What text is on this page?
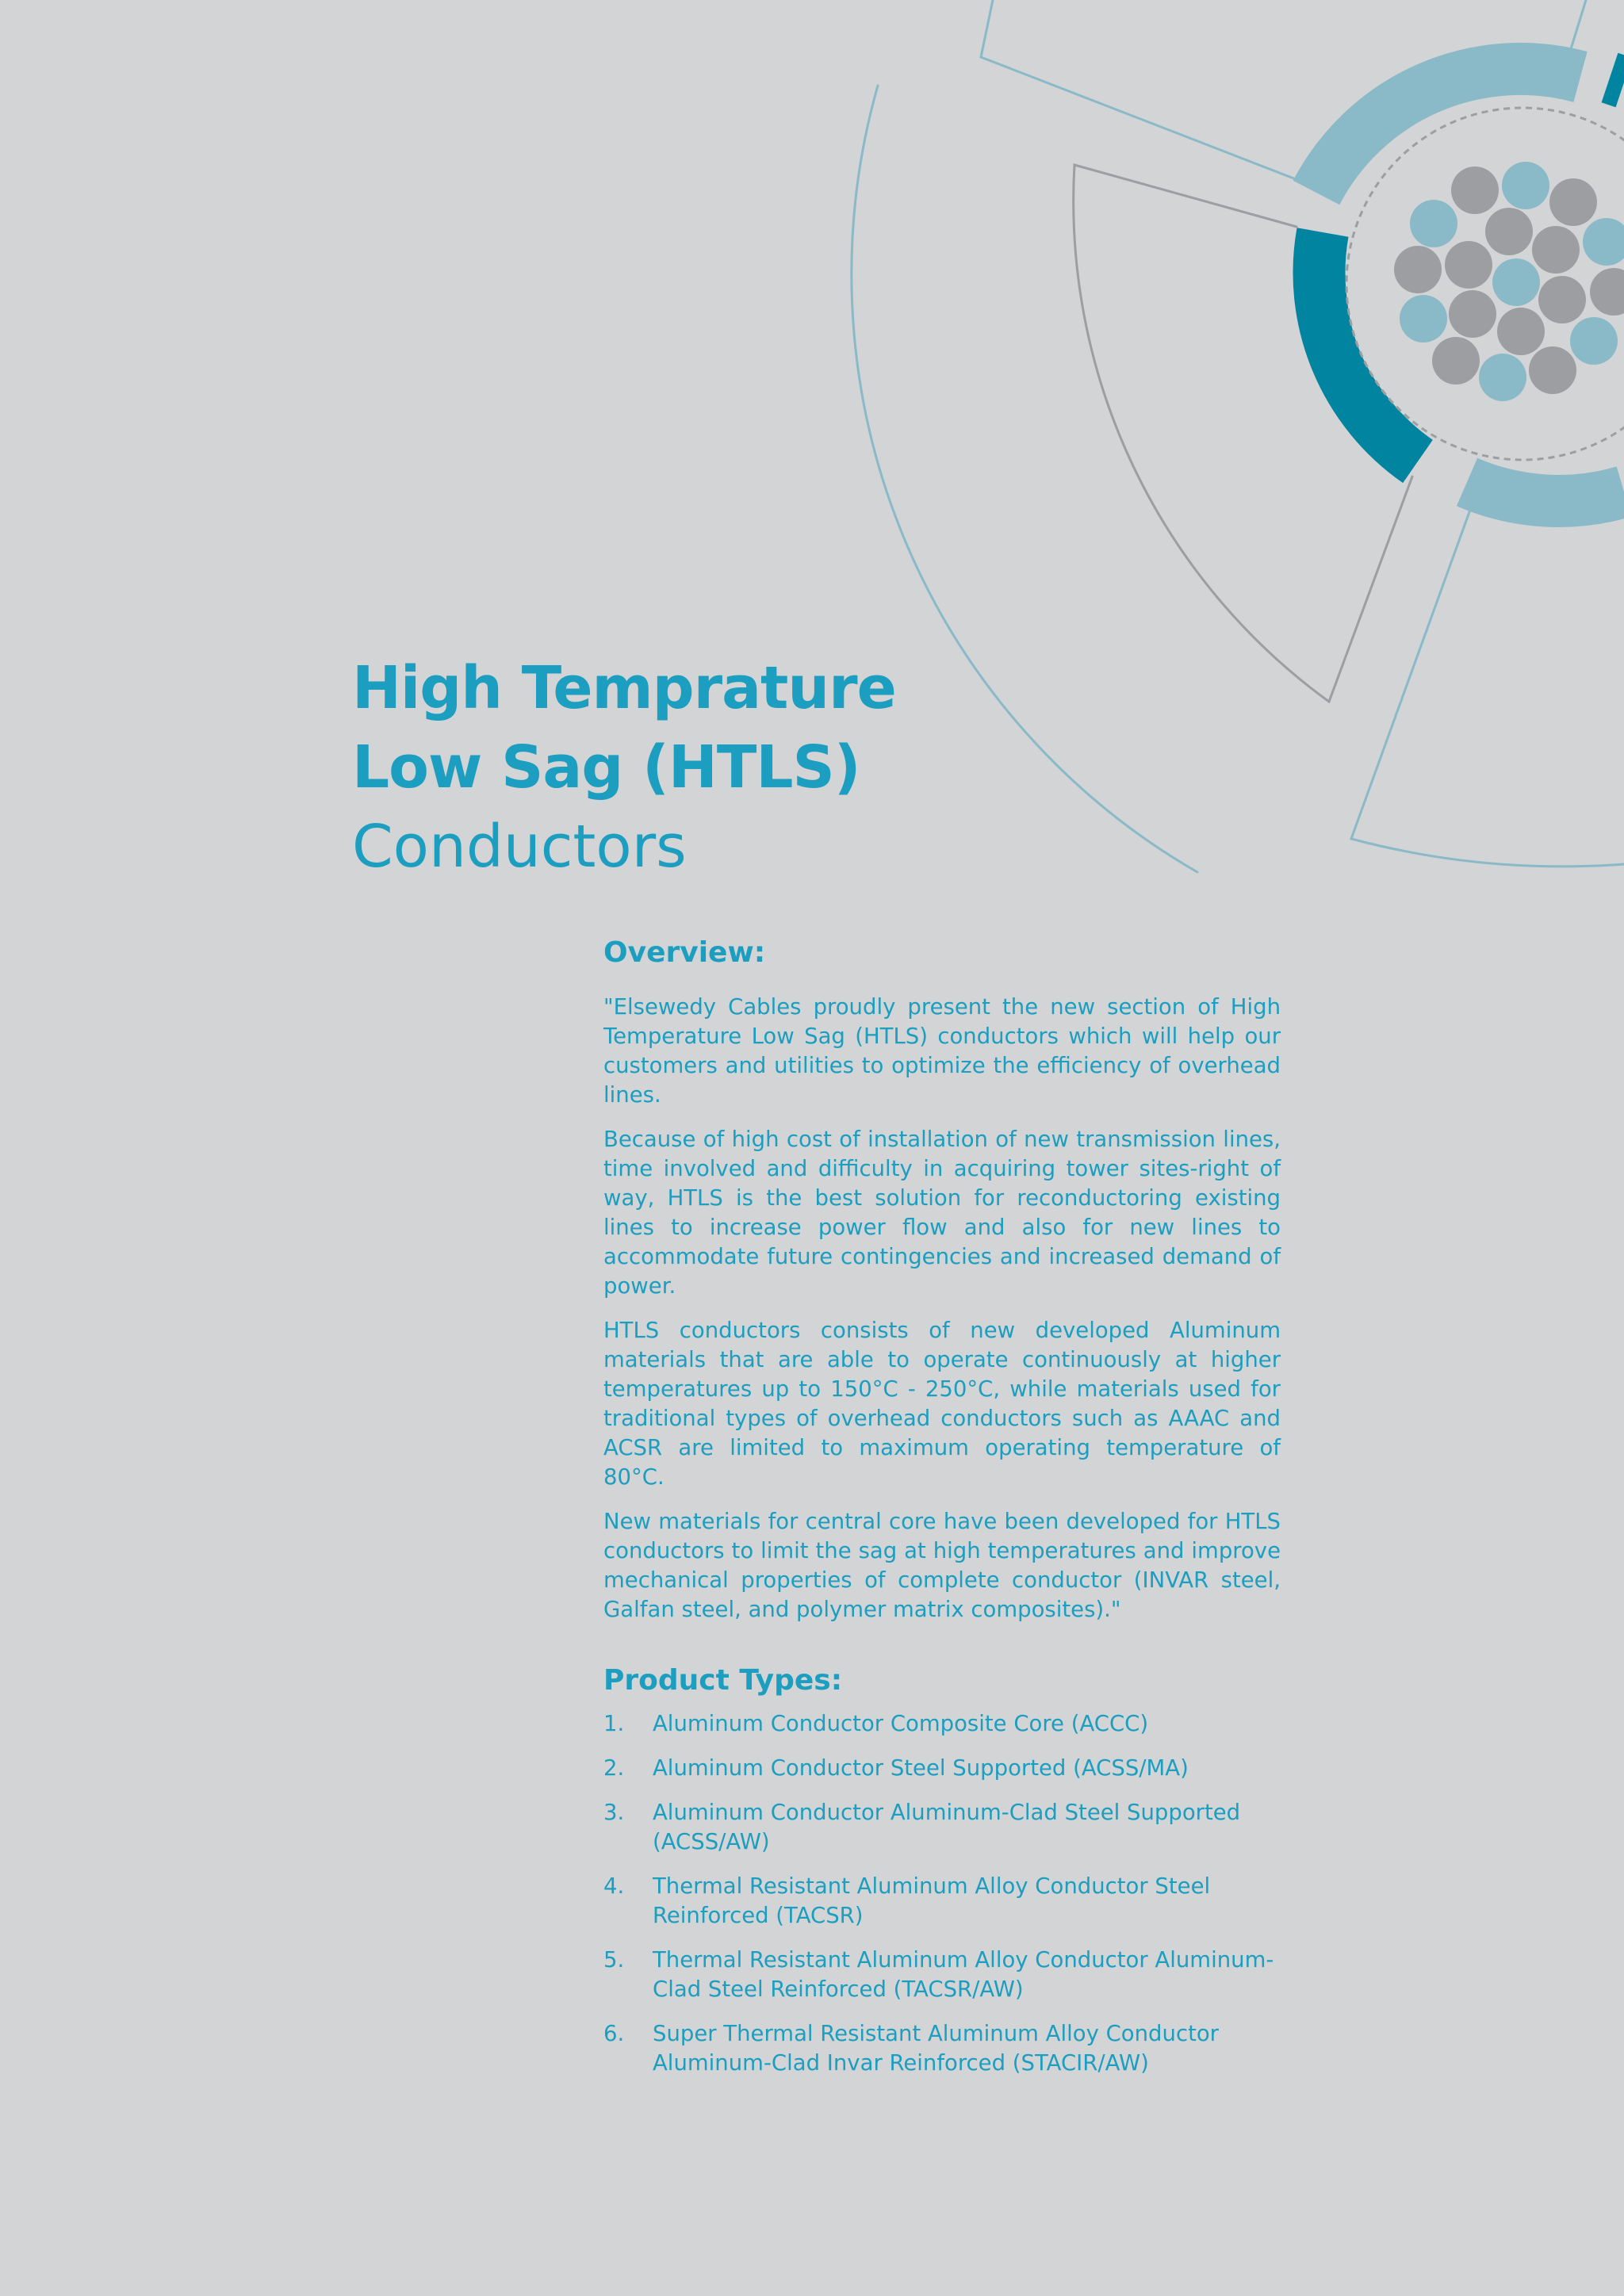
High Temprature
Low Sag (HTLS)
Conductors
Overview:

"Elsewedy Cables proudly present the new section of High Temperature Low Sag (HTLS) conductors which will help our customers and utilities to optimize the efficiency of overhead lines.

Because of high cost of installation of new transmission lines, time involved and difficulty in acquiring tower sites-right of way, HTLS is the best solution for reconductoring existing lines to increase power flow and also for new lines to accommodate future contingencies and increased demand of power.

HTLS conductors consists of new developed Aluminum materials that are able to operate continuously at higher temperatures up to 150°C - 250°C, while materials used for traditional types of overhead conductors such as AAAC and ACSR are limited to maximum operating temperature of 80°C.

New materials for central core have been developed for HTLS conductors to limit the sag at high temperatures and improve mechanical properties of complete conductor (INVAR steel, Galfan steel, and polymer matrix composites)."

Product Types:
1.	Aluminum Conductor Composite Core (ACCC)
2.	Aluminum Conductor Steel Supported (ACSS/MA)
3.	Aluminum Conductor Aluminum-Clad Steel Supported (ACSS/AW)
4.	Thermal Resistant Aluminum Alloy Conductor Steel Reinforced (TACSR)
5.	Thermal Resistant Aluminum Alloy Conductor Aluminum-Clad Steel Reinforced (TACSR/AW)
6.	Super Thermal Resistant Aluminum Alloy Conductor Aluminum-Clad Invar Reinforced (STACIR/AW)
